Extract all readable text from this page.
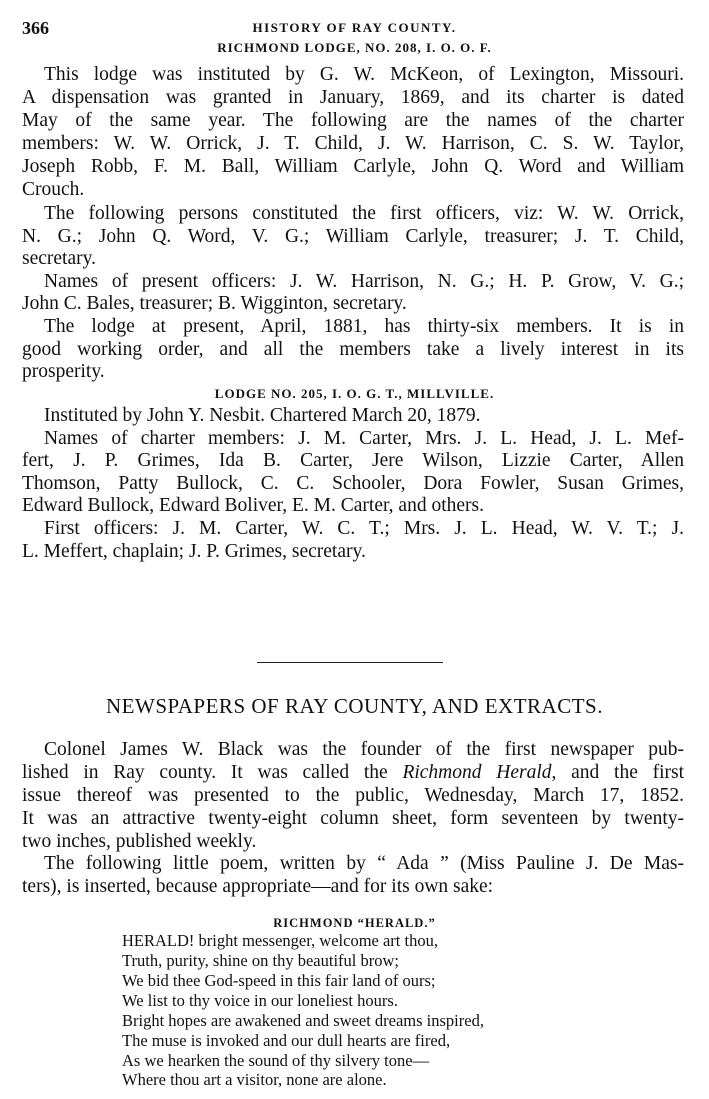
366	HISTORY OF RAY COUNTY.
NEWSPAPERS OF RAY COUNTY, AND EXTRACTS.
RICHMOND “HERALD.”
RICHMOND LODGE, NO. 208, I. O. O. F.
This lodge was instituted by G. W. McKeon, of Lexington, Missouri.
A dispensation was granted in January, 1869, and its charter is dated
May of the same year. The following are the names of the charter
members: W. W. Orrick, J. T. Child, J. W. Harrison, C. S. W. Taylor,
Joseph Robb, F. M. Ball, William Carlyle, John Q. Word and William
Crouch.
The following persons constituted the first officers, viz: W. W. Orrick,
N. G.; John Q. Word, V. G.; William Carlyle, treasurer; J. T. Child,
secretary.
Names of present officers: J. W. Harrison, N. G.; H. P. Grow, V. G.;
John C. Bales, treasurer; B. Wigginton, secretary.
The lodge at present, April, 1881, has thirty-six members. It is in
good working order, and all the members take a lively interest in its
prosperity.
LODGE NO. 205, I. O. G. T., MILLVILLE.
Instituted by John Y. Nesbit. Chartered March 20, 1879.
Names of charter members: J. M. Carter, Mrs. J. L. Head, J. L. Mef-
fert, J. P. Grimes, Ida B. Carter, Jere Wilson, Lizzie Carter, Allen
Thomson, Patty Bullock, C. C. Schooler, Dora Fowler, Susan Grimes,
Edward Bullock, Edward Boliver, E. M. Carter, and others.
First officers: J. M. Carter, W. C. T.; Mrs. J. L. Head, W. V. T.; J.
L. Meffert, chaplain; J. P. Grimes, secretary.
Colonel James W. Black was the founder of the first newspaper pub-
lished in Ray county. It was called the Richmond Herald, and the first
issue thereof was presented to the public, Wednesday, March 17, 1852.
It was an attractive twenty-eight column sheet, form seventeen by twenty-
two inches, published weekly.
The following little poem, written by “ Ada ” (Miss Pauline J. De Mas-
ters), is inserted, because appropriate—and for its own sake:
HERALD! bright messenger, welcome art thou,
Truth, purity, shine on thy beautiful brow;
We bid thee God-speed in this fair land of ours;
We list to thy voice in our loneliest hours.
Bright hopes are awakened and sweet dreams inspired,
The muse is invoked and our dull hearts are fired,
As we hearken the sound of thy silvery tone—
Where thou art a visitor, none are alone.
